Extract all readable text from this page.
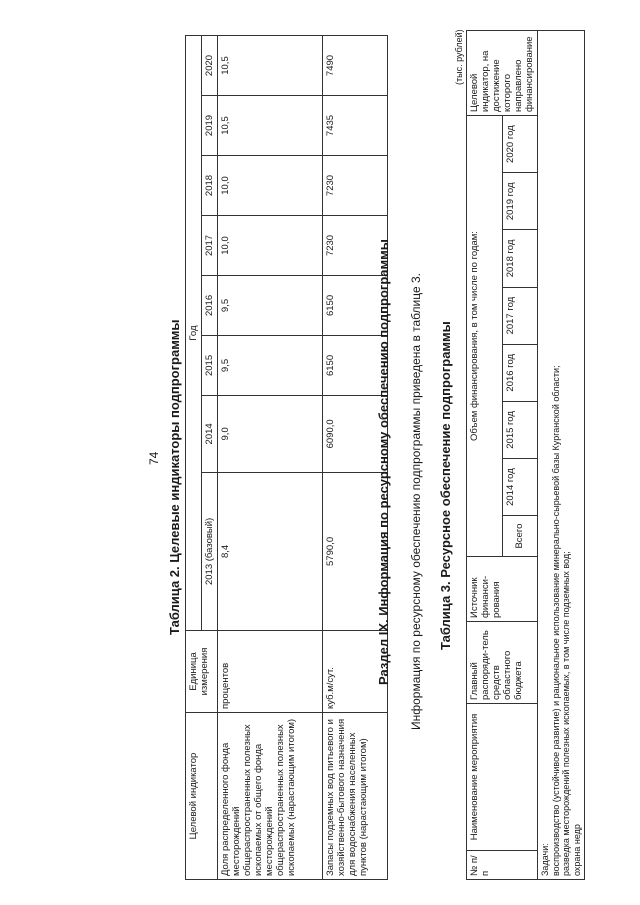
74 Таблица 2. Целевые индикаторы подпрограммы
Целевой индикатор	Единица измерения	Год							
		2013 (базовый)	2014	2015	2016	2017	2018	2019	2020
Доля распределенного фонда месторождений общераспространенных полезных ископаемых от общего фонда месторождений общераспространенных полезных ископаемых (нарастающим итогом)	процентов	8,4	9,0	9,5	9,5	10,0	10,0	10,5	10,5
Запасы подземных вод питьевого и хозяйственно-бытового назначения для водоснабжения населенных пунктов (нарастающим итогом)	куб.м/сут.	5790,0	6090,0	6150	6150	7230	7230	7435	7490
Раздел IX. Информация по ресурсному обеспечению подпрограммы Информация по ресурсному обеспечению подпрограммы приведена в таблице 3. Таблица 3. Ресурсное обеспечение подпрограммы
(тыс. рублей)
№ п/п	Наименование мероприятия	Главный распоряди-тель средств областного бюджета	Источник финанси-рования	Объем финансирования, в том числе по годам:								Целевой индикатор, на достижение которого направлено финансирование
				Всего	2014 год	2015 год	2016 год	2017 год	2018 год	2019 год	2020 год	

Задачи: воспроизводство (устойчивое развитие) и рациональное использование минерально-сырьевой базы Курганской области; разведка месторождений полезных ископаемых, в том числе подземных вод; охрана недр												
